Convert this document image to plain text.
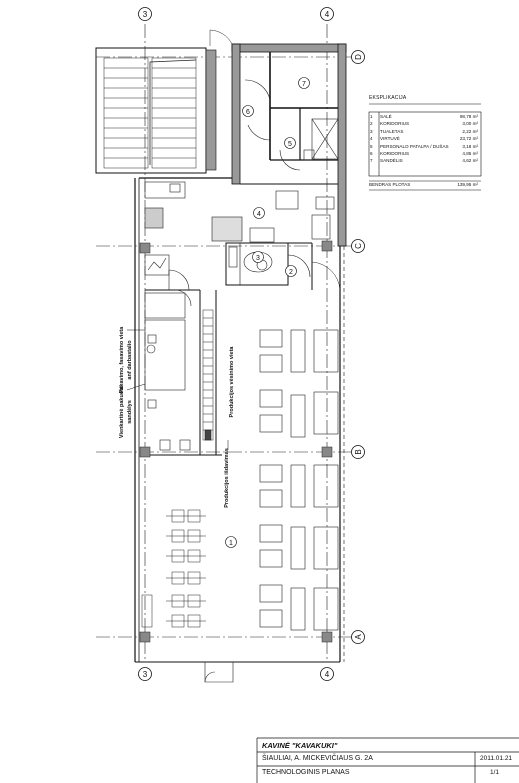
3	4
3	4
D
C
B
A
1
2
3
4
5
6
7
Pakavimo, fasavimo vieta anf darbastalio
Vienkartinė pakuotė sandėlys
Produkcijos išdavimas
Produkcijos vėsinimo vieta
EKSPLIKACIJA
1 SALĖ	98,78 m²
2 KORIDORIUS	3,00 m²
3 TUALETAS	2,22 m²
4 VIRTUVĖ	23,72 m²
5 PERSONALO PATALPA / DUŠAS	3,18 m²
6 KORIDORIUS	4,85 m²
7 SANDĖLIS	4,62 m²
BENDRAS PLOTAS	139,95 m²
KAVINĖ "KAVAKUKI"
ŠIAULIAI, A. MICKEVIČIAUS G. 2A	2011.01.21
TECHNOLOGINIS PLANAS	1/1
